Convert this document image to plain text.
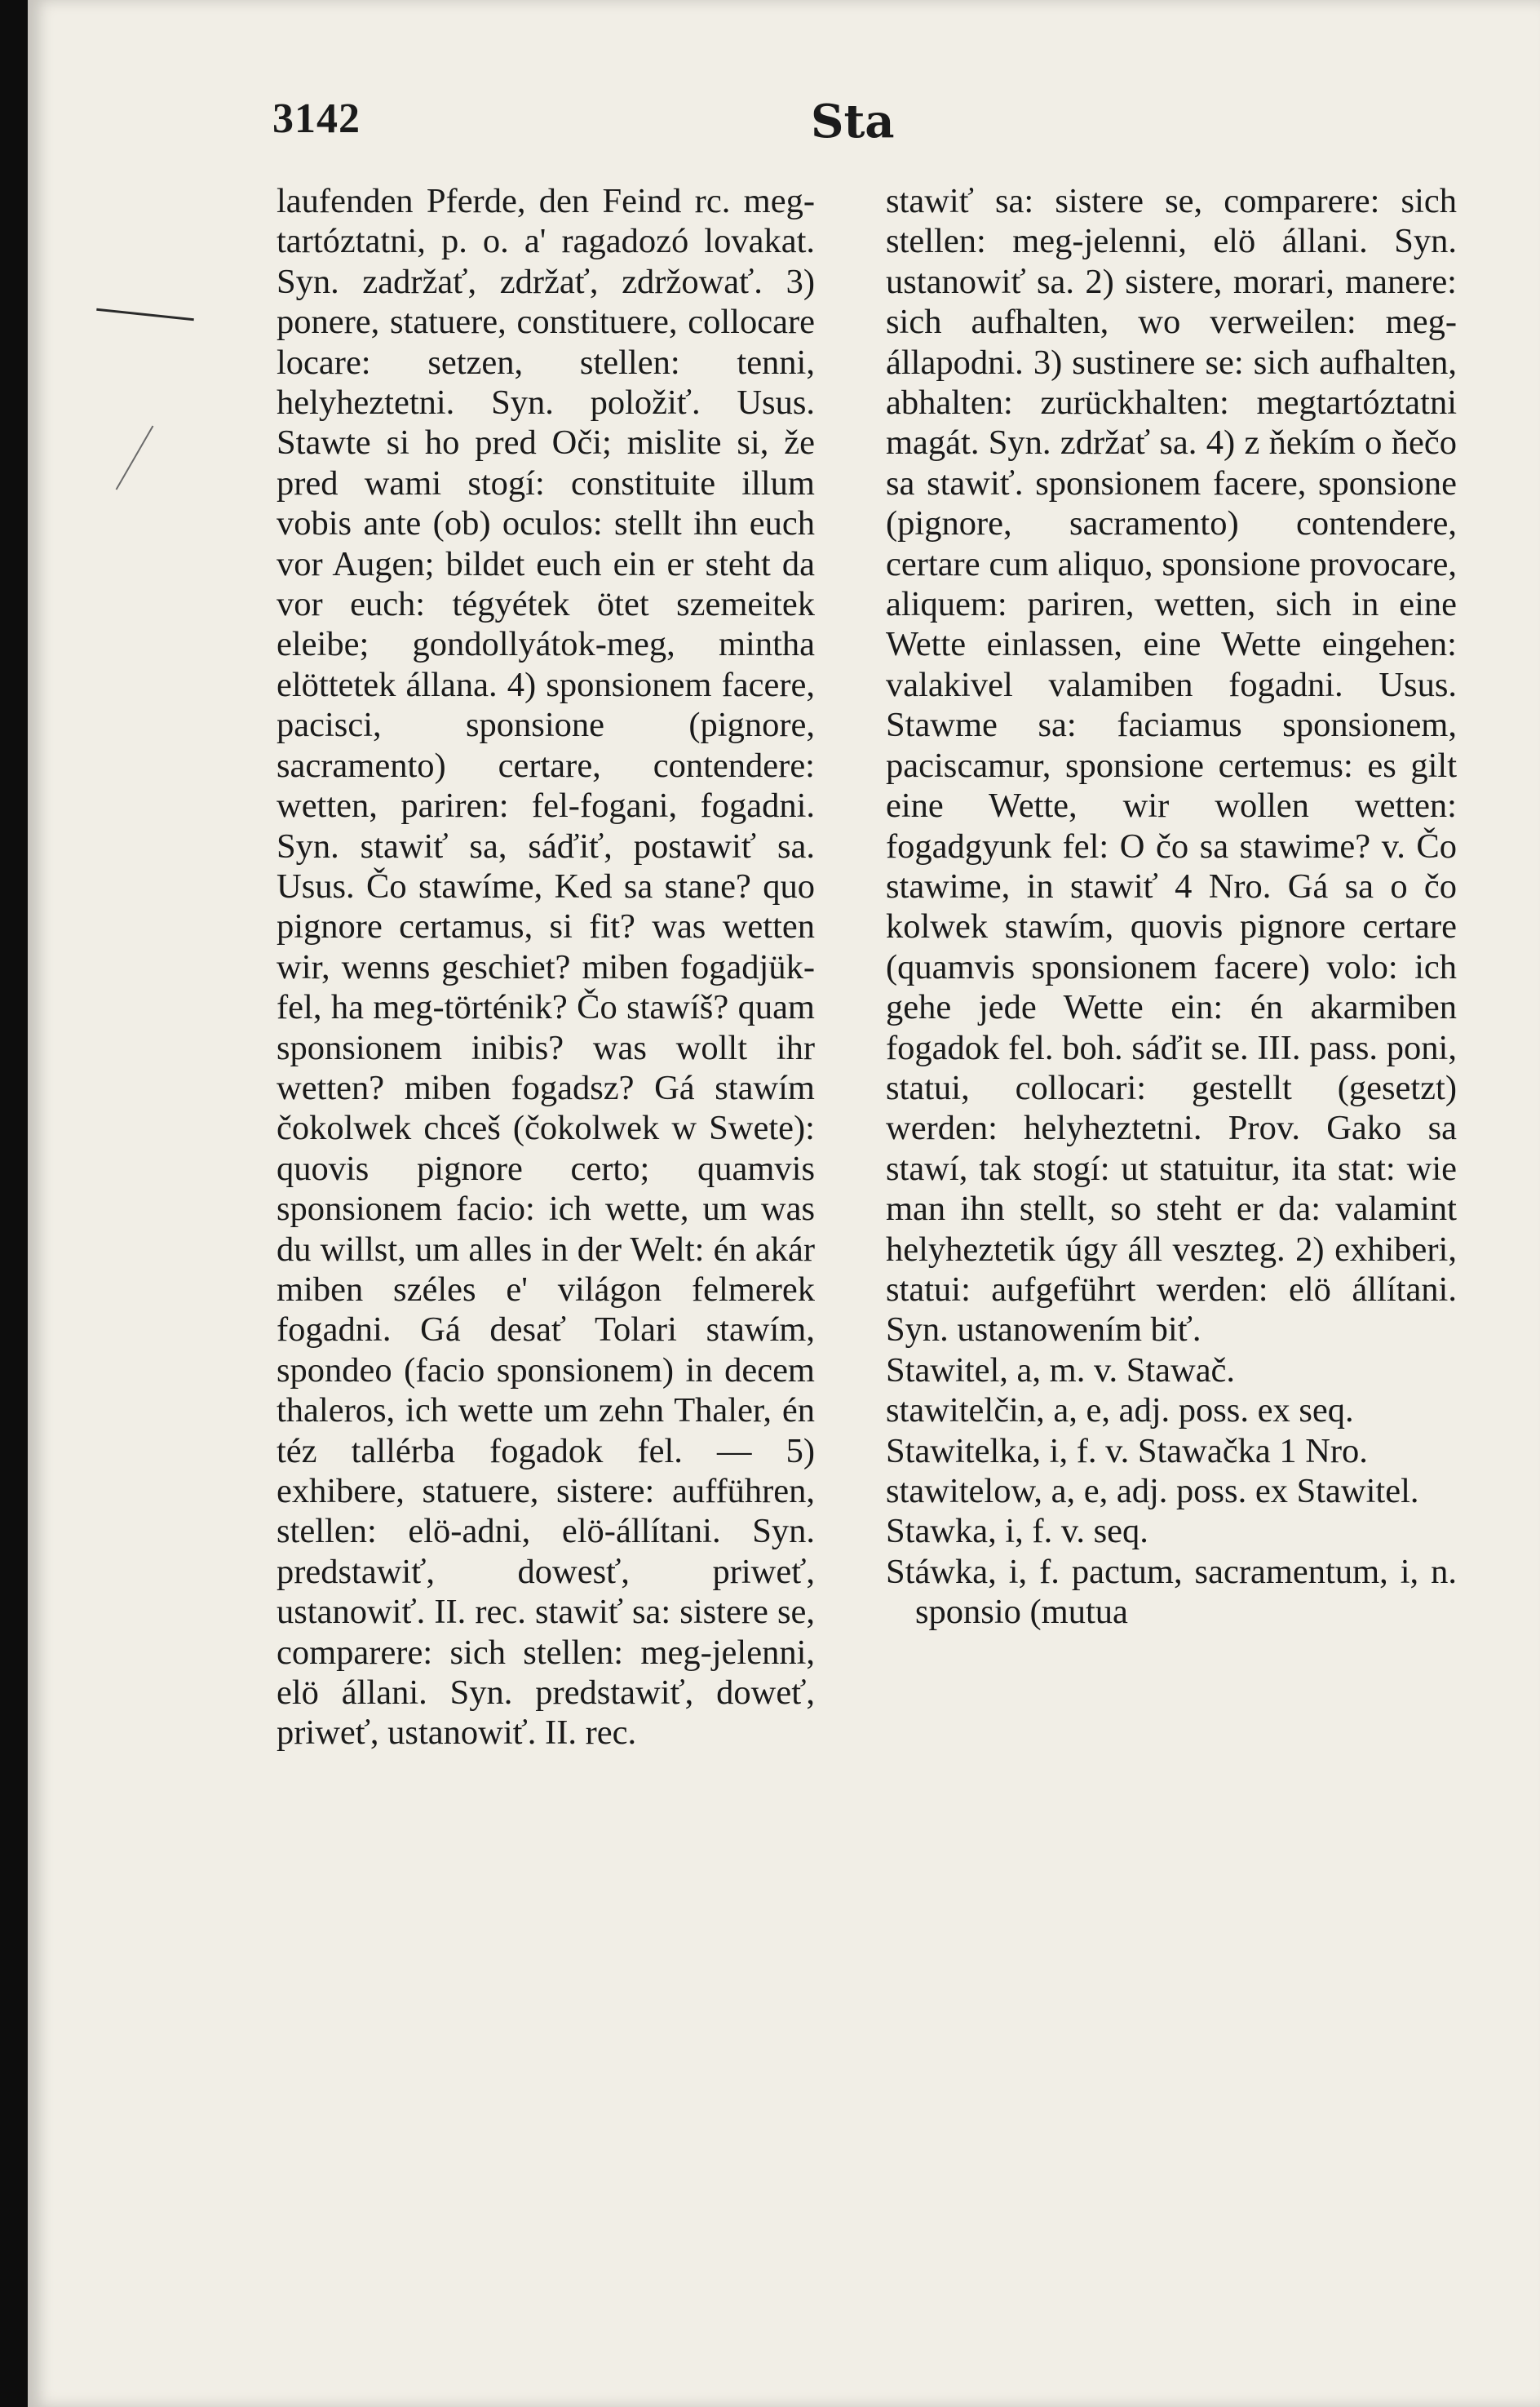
3142	Sta

laufenden Pferde, den Feind rc. meg-tartóztatni, p. o. a' ragadozó lovakat. Syn. zadržať, zdržať, zdržowať. 3) ponere, statuere, constituere, collocare locare: setzen, stellen: tenni, helyheztetni. Syn. položiť. Usus. Stawte si ho pred Oči; mislite si, že pred wami stogí: constituite illum vobis ante (ob) oculos: stellt ihn euch vor Augen; bildet euch ein er steht da vor euch: tégyétek ötet szemeitek eleibe; gondollyátok-meg, mintha elöttetek állana. 4) sponsionem facere, pacisci, sponsione (pignore, sacramento) certare, contendere: wetten, pariren: fel-fogani, fogadni. Syn. stawiť sa, sáďiť, postawiť sa. Usus. Čo stawíme, Ked sa stane? quo pignore certamus, si fit? was wetten wir, wenns geschiet? miben fogadjük-fel, ha meg-történik? Čo stawíš? quam sponsionem inibis? was wollt ihr wetten? miben fogadsz? Gá stawím čokolwek chceš (čokolwek w Swete): quovis pignore certo; quamvis sponsionem facio: ich wette, um was du willst, um alles in der Welt: én akár miben széles e' világon felmerek fogadni. Gá desať Tolari stawím, spondeo (facio sponsionem) in decem thaleros, ich wette um zehn Thaler, én téz tallérba fogadok fel. — 5) exhibere, statuere, sistere: aufführen, stellen: elö-adni, elö-állítani. Syn. predstawiť, dowesť, priweť, ustanowiť. II. rec. stawiť sa: sistere se, comparere: sich stellen: meg-jelenni, elö állani. Syn. predstawiť, doweť, priweť, ustanowiť. II. rec.

stawiť sa: sistere se, comparere: sich stellen: meg-jelenni, elö állani. Syn. ustanowiť sa. 2) sistere, morari, manere: sich aufhalten, wo verweilen: meg-állapodni. 3) sustinere se: sich aufhalten, abhalten: zurückhalten: megtartóztatni magát. Syn. zdržať sa. 4) z ňekím o ňečo sa stawiť. sponsionem facere, sponsione (pignore, sacramento) contendere, certare cum aliquo, sponsione provocare, aliquem: pariren, wetten, sich in eine Wette einlassen, eine Wette eingehen: valakivel valamiben fogadni. Usus. Stawme sa: faciamus sponsionem, paciscamur, sponsione certemus: es gilt eine Wette, wir wollen wetten: fogadgyunk fel: O čo sa stawime? v. Čo stawime, in stawiť 4 Nro. Gá sa o čo kolwek stawím, quovis pignore certare (quamvis sponsionem facere) volo: ich gehe jede Wette ein: én akarmiben fogadok fel. boh. sáďit se. III. pass. poni, statui, collocari: gestellt (gesetzt) werden: helyheztetni. Prov. Gako sa stawí, tak stogí: ut statuitur, ita stat: wie man ihn stellt, so steht er da: valamint helyheztetik úgy áll veszteg. 2) exhiberi, statui: aufgeführt werden: elö állítani. Syn. ustanowením biť.

Stawitel, a, m. v. Stawač.

stawitelčin, a, e, adj. poss. ex seq.

Stawitelka, i, f. v. Stawačka 1 Nro.

stawitelow, a, e, adj. poss. ex Stawitel.

Stawka, i, f. v. seq.

Stáwka, i, f. pactum, sacramentum, i, n. sponsio (mutua
